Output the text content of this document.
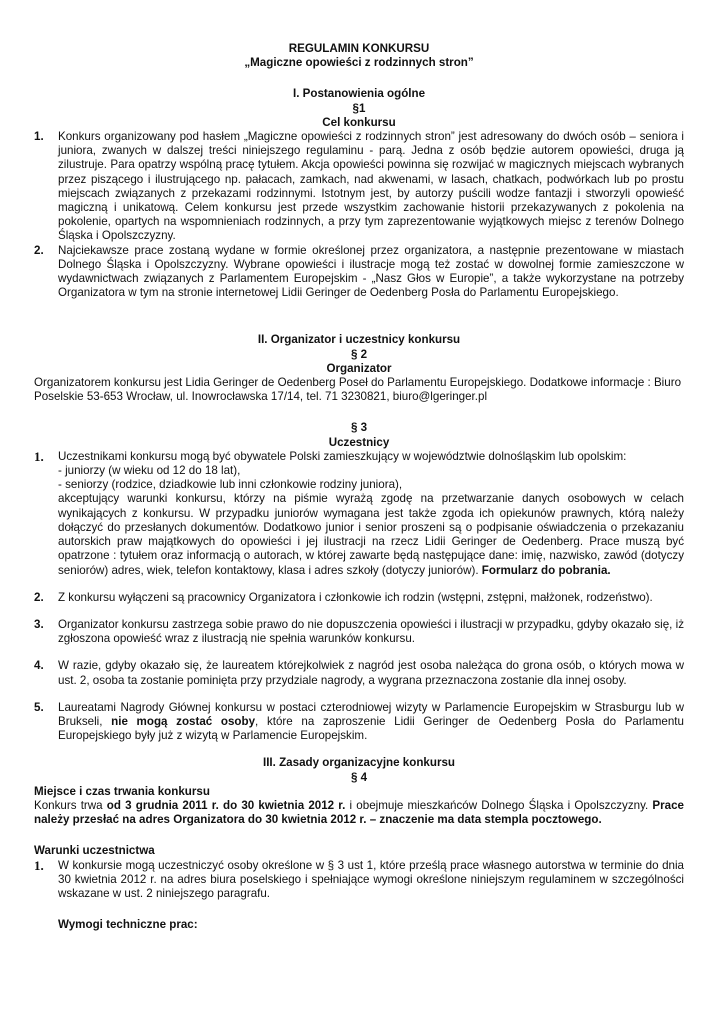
REGULAMIN KONKURSU
„Magiczne opowieści z rodzinnych stron”
I. Postanowienia ogólne
§1
Cel konkursu
1.	Konkurs organizowany pod hasłem „Magiczne opowieści z rodzinnych stron” jest adresowany do dwóch osób – seniora i juniora, zwanych w dalszej treści niniejszego regulaminu - parą. Jedna z osób będzie autorem opowieści, druga ją zilustruje. Para opatrzy wspólną pracę tytułem. Akcja opowieści powinna się rozwijać w magicznych miejscach wybranych przez piszącego i ilustrującego np. pałacach, zamkach, nad akwenami, w lasach, chatkach, podwórkach lub po prostu miejscach związanych z przekazami rodzinnymi. Istotnym jest, by autorzy puścili wodze fantazji i stworzyli opowieść magiczną i unikatową. Celem konkursu jest przede wszystkim zachowanie historii przekazywanych z pokolenia na pokolenie, opartych na wspomnieniach rodzinnych, a przy tym zaprezentowanie wyjątkowych miejsc z terenów Dolnego Śląska i Opolszczyzny.
2.	Najciekawsze prace zostaną wydane w formie określonej przez organizatora, a następnie prezentowane w miastach Dolnego Śląska i Opolszczyzny. Wybrane opowieści i ilustracje mogą też zostać w dowolnej formie zamieszczone w wydawnictwach związanych z Parlamentem Europejskim - „Nasz Głos w Europie”, a także wykorzystane na potrzeby Organizatora w tym na stronie internetowej Lidii Geringer de Oedenberg Posła do Parlamentu Europejskiego.
II. Organizator i uczestnicy konkursu
§ 2
Organizator
Organizatorem konkursu jest Lidia Geringer de Oedenberg Poseł do Parlamentu Europejskiego. Dodatkowe informacje : Biuro Poselskie 53-653 Wrocław, ul. Inowrocławska 17/14, tel. 71 3230821, biuro@lgeringer.pl
§ 3
Uczestnicy
1.	Uczestnikami konkursu mogą być obywatele Polski zamieszkujący w województwie dolnośląskim lub opolskim:
- juniorzy (w wieku od 12 do 18 lat),
- seniorzy (rodzice, dziadkowie lub inni członkowie rodziny juniora),
akceptujący warunki konkursu, którzy na piśmie wyrażą zgodę na przetwarzanie danych osobowych w celach wynikających z konkursu. W przypadku juniorów wymagana jest także zgoda ich opiekunów prawnych, którą należy dołączyć do przesłanych dokumentów. Dodatkowo junior i senior proszeni są o podpisanie oświadczenia o przekazaniu autorskich praw majątkowych do opowieści i jej ilustracji na rzecz Lidii Geringer de Oedenberg. Prace muszą być opatrzone : tytułem oraz informacją o autorach, w której zawarte będą następujące dane: imię, nazwisko, zawód (dotyczy seniorów) adres, wiek, telefon kontaktowy, klasa i adres szkoły (dotyczy juniorów). Formularz do pobrania.
2.	Z konkursu wyłączeni są pracownicy Organizatora i członkowie ich rodzin (wstępni, zstępni, małżonek, rodzeństwo).
3.	Organizator konkursu zastrzega sobie prawo do nie dopuszczenia opowieści i ilustracji w przypadku, gdyby okazało się, iż zgłoszona opowieść wraz z ilustracją nie spełnia warunków konkursu.
4.	W razie, gdyby okazało się, że laureatem którejkolwiek z nagród jest osoba należąca do grona osób, o których mowa w ust. 2, osoba ta zostanie pominięta przy przydziale nagrody, a wygrana przeznaczona zostanie dla innej osoby.
5.	Laureatami Nagrody Głównej konkursu w postaci czterodniowej wizyty w Parlamencie Europejskim w Strasburgu lub w Brukseli, nie mogą zostać osoby, które na zaproszenie Lidii Geringer de Oedenberg Posła do Parlamentu Europejskiego były już z wizytą w Parlamencie Europejskim.
III. Zasady organizacyjne konkursu
§ 4
Miejsce i czas trwania konkursu
Konkurs trwa od 3 grudnia 2011 r. do 30 kwietnia 2012 r. i obejmuje mieszkańców Dolnego Śląska i Opolszczyzny. Prace należy przesłać na adres Organizatora do 30 kwietnia 2012 r. – znaczenie ma data stempla pocztowego.
Warunki uczestnictwa
1.	W konkursie mogą uczestniczyć osoby określone w § 3 ust 1, które prześlą prace własnego autorstwa w terminie do dnia 30 kwietnia 2012 r. na adres biura poselskiego i spełniające wymogi określone niniejszym regulaminem w szczególności wskazane w ust. 2 niniejszego paragrafu.
Wymogi techniczne prac:
